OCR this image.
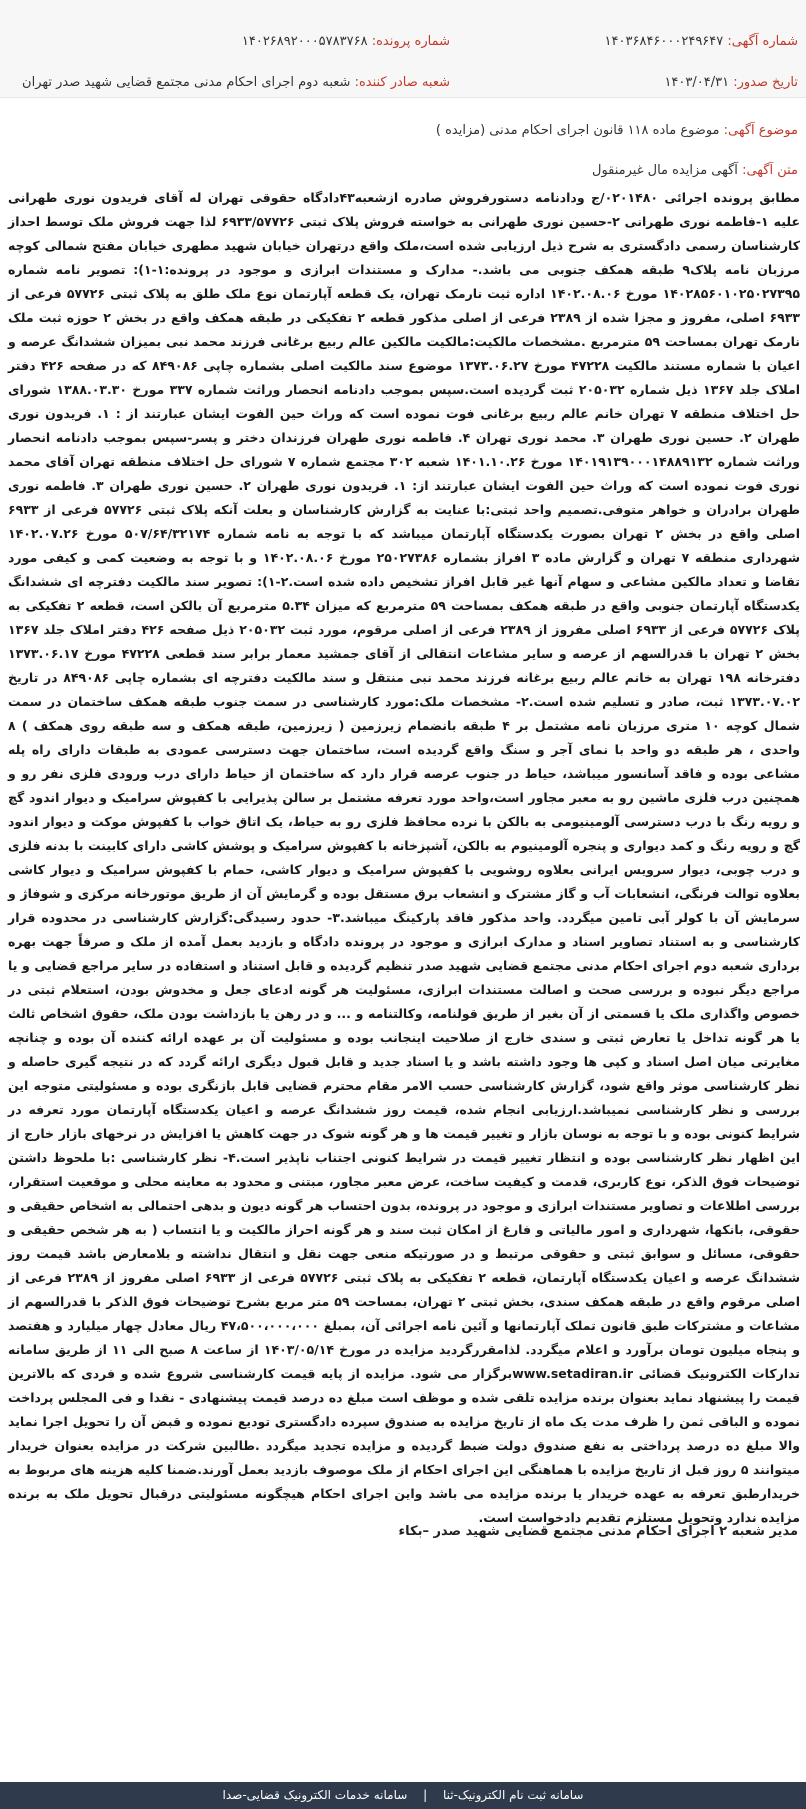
شماره آگهی: ۱۴۰۳۶۸۴۶۰۰۰۲۴۹۶۴۷
شماره پرونده: ۱۴۰۲۶۸۹۲۰۰۰۵۷۸۳۷۶۸
تاریخ صدور: ۱۴۰۳/۰۴/۳۱
شعبه صادر کننده: شعبه دوم اجرای احکام مدنی مجتمع قضایی شهید صدر تهران
موضوع آگهی: موضوع ماده ۱۱۸ قانون اجرای احکام مدنی (مزایده )
متن آگهی: آگهی مزایده مال غیرمنقول
مطابق پرونده اجرائی ۰۲۰۱۴۸۰/ج ودادنامه دستورفروش صادره ازشعبه۴۳دادگاه حقوقی تهران له آقای فریدون نوری طهرانی علیه ۱-فاطمه نوری طهرانی ۲-حسین نوری طهرانی به خواسته فروش پلاک ثبتی ۶۹۳۳/۵۷۷۲۶ لذا جهت فروش ملک توسط احداز کارشناسان رسمی دادگستری به شرح ذیل ارزیابی شده است،ملک واقع درتهران خیابان شهید مطهری خیابان مفتح شمالی کوچه مرزبان نامه پلاک۹ طبقه همکف جنوبی می باشد.- مدارک و مستندات ابرازی و موجود در پرونده:۱-۱): تصویر نامه شماره ۱۴۰۲۸۵۶۰۱۰۲۵۰۲۷۳۹۵ مورخ ۱۴۰۲.۰۸.۰۶ اداره ثبت نارمک تهران، یک قطعه آپارتمان نوع ملک طلق به پلاک ثبتی ۵۷۷۲۶ فرعی از ۶۹۳۳ اصلی، مفروز و مجزا شده از ۲۳۸۹ فرعی از اصلی مذکور قطعه ۲ تفکیکی در طبقه همکف واقع در بخش ۲ حوزه ثبت ملک نارمک تهران بمساحت ۵۹ مترمربع .مشخصات مالکیت:مالکیت مالکین عالم ربیع برغانی فرزند محمد نبی بمیزان ششدانگ عرصه و اعیان با شماره مستند مالکیت ۴۷۲۲۸ مورخ ۱۳۷۳.۰۶.۲۷ موضوع سند مالکیت اصلی بشماره چاپی ۸۴۹۰۸۶ که در صفحه ۴۲۶ دفتر املاک جلد ۱۳۶۷ ذیل شماره ۲۰۵۰۳۲ ثبت گردیده است.سپس بموجب دادنامه انحصار وراثت شماره ۳۳۷ مورخ ۱۳۸۸.۰۳.۳۰ شورای حل اختلاف منطقه ۷ تهران خانم عالم ربیع برغانی فوت نموده است که وراث حین الفوت ایشان عبارتند از : ۱. فریدون نوری طهران ۲. حسین نوری طهران ۳. محمد نوری تهران ۴. فاطمه نوری طهران فرزندان دختر و پسر-سپس بموجب دادنامه انحصار وراثت شماره ۱۴۰۱۹۱۳۹۰۰۰۱۴۸۸۹۱۳۲ مورخ ۱۴۰۱.۱۰.۲۶ شعبه ۳۰۲ مجتمع شماره ۷ شورای حل اختلاف منطقه تهران آقای محمد نوری فوت نموده است که وراث حین الفوت ایشان عبارتند از: ۱. فریدون نوری طهران ۲. حسین نوری طهران ۳. فاطمه نوری طهران برادران و خواهر متوفی.تصمیم واحد ثبتی:با عنایت به گزارش کارشناسان و بعلت آنکه پلاک ثبتی ۵۷۷۲۶ فرعی از ۶۹۳۳ اصلی واقع در بخش ۲ تهران بصورت یکدستگاه آپارتمان میباشد که با توجه به نامه شماره ۵۰۷/۶۴/۳۲۱۷۴ مورخ ۱۴۰۲.۰۷.۲۶ شهرداری منطقه ۷ تهران و گزارش ماده ۳ افراز بشماره ۲۵۰۲۷۳۸۶ مورخ ۱۴۰۲.۰۸.۰۶ و با توجه به وضعیت کمی و کیفی مورد تقاضا و تعداد مالکین مشاعی و سهام آنها غیر قابل افراز تشخیص داده شده است.۲-۱): تصویر سند مالکیت دفترچه ای ششدانگ یکدستگاه آپارتمان جنوبی واقع در طبقه همکف بمساحت ۵۹ مترمربع که میزان ۵.۳۴ مترمربع آن بالکن است، قطعه ۲ تفکیکی به پلاک ۵۷۷۲۶ فرعی از ۶۹۳۳ اصلی مفروز از ۲۳۸۹ فرعی از اصلی مرقوم، مورد ثبت ۲۰۵۰۳۲ ذیل صفحه ۴۲۶ دفتر املاک جلد ۱۳۶۷ بخش ۲ تهران با قدرالسهم از عرصه و سایر مشاعات انتقالی از آقای جمشید معمار برابر سند قطعی ۴۷۲۲۸ مورخ ۱۳۷۳.۰۶.۱۷ دفترخانه ۱۹۸ تهران به خانم عالم ربیع برغانه فرزند محمد نبی منتقل و سند مالکیت دفترچه ای بشماره چاپی ۸۴۹۰۸۶ در تاریخ ۱۳۷۳.۰۷.۰۲ ثبت، صادر و تسلیم شده است.۲- مشخصات ملک:مورد کارشناسی در سمت جنوب طبقه همکف ساختمان در سمت شمال کوچه ۱۰ متری مرزبان نامه مشتمل بر ۴ طبقه بانضمام زیرزمین ( زیرزمین، طبقه همکف و سه طبقه روی همکف ) ۸ واحدی ، هر طبقه دو واحد با نمای آجر و سنگ واقع گردیده است، ساختمان جهت دسترسی عمودی به طبقات دارای راه پله مشاعی بوده و فاقد آسانسور میباشد، حیاط در جنوب عرصه قرار دارد که ساختمان از حیاط دارای درب ورودی فلزی نفر رو و همچنین درب فلزی ماشین رو به معبر مجاور است،واحد مورد تعرفه مشتمل بر سالن پذیرایی با کفپوش سرامیک و دیوار اندود گچ و رویه رنگ با درب دسترسی آلومینیومی به بالکن با نرده محافظ فلزی رو به حیاط، یک اتاق خواب با کفپوش موکت و دیوار اندود گچ و رویه رنگ و کمد دیواری و پنجره آلومینیوم به بالکن، آشپزخانه با کفپوش سرامیک و پوشش کاشی دارای کابینت با بدنه فلزی و درب چوبی، دیوار سرویس ایرانی بعلاوه روشویی با کفپوش سرامیک و دیوار کاشی، حمام با کفپوش سرامیک و دیوار کاشی بعلاوه توالت فرنگی، انشعابات آب و گاز مشترک و انشعاب برق مستقل بوده و گرمایش آن از طریق موتورخانه مرکزی و شوفاژ و سرمایش آن با کولر آبی تامین میگردد. واحد مذکور فاقد پارکینگ میباشد.۳- حدود رسیدگی:گزارش کارشناسی در محدوده قرار کارشناسی و به استناد تصاویر اسناد و مدارک ابرازی و موجود در پرونده دادگاه و بازدید بعمل آمده از ملک و صرفاً جهت بهره برداری شعبه دوم اجرای احکام مدنی مجتمع قضایی شهید صدر تنظیم گردیده و قابل استناد و استفاده در سایر مراجع قضایی و یا مراجع دیگر نبوده و بررسی صحت و اصالت مستندات ابرازی، مسئولیت هر گونه ادعای جعل و مخدوش بودن، استعلام ثبتی در خصوص واگذاری ملک یا قسمتی از آن بغیر از طریق قولنامه، وکالتنامه و ... و در رهن یا بازداشت بودن ملک، حقوق اشخاص ثالث یا هر گونه تداخل یا تعارض ثبتی و سندی خارج از صلاحیت اینجانب بوده و مسئولیت آن بر عهده ارائه کننده آن بوده و چنانچه مغایرتی میان اصل اسناد و کپی ها وجود داشته باشد و یا اسناد جدید و قابل قبول دیگری ارائه گردد که در نتیجه گیری حاصله و نظر کارشناسی موثر واقع شود، گزارش کارشناسی حسب الامر مقام محترم قضایی قابل بازنگری بوده و مسئولیتی متوجه این بررسی و نظر کارشناسی نمیباشد.ارزیابی انجام شده، قیمت روز ششدانگ عرصه و اعیان یکدستگاه آپارتمان مورد تعرفه در شرایط کنونی بوده و با توجه به نوسان بازار و تغییر قیمت ها و هر گونه شوک در جهت کاهش یا افزایش در نرخهای بازار خارج از این اظهار نظر کارشناسی بوده و انتظار تغییر قیمت در شرایط کنونی اجتناب ناپذیر است.۴- نظر کارشناسی :با ملحوظ داشتن توضیحات فوق الذکر، نوع کاربری، قدمت و کیفیت ساخت، عرض معبر مجاور، مبتنی و محدود به معاینه محلی و موقعیت استقرار، بررسی اطلاعات و تصاویر مستندات ابرازی و موجود در پرونده، بدون احتساب هر گونه دیون و بدهی احتمالی به اشخاص حقیقی و حقوقی، بانکها، شهرداری و امور مالیاتی و فارغ از امکان ثبت سند و هر گونه احراز مالکیت و یا انتساب ( به هر شخص حقیقی و حقوقی، مسائل و سوابق ثبتی و حقوقی مرتبط و در صورتیکه منعی جهت نقل و انتقال نداشته و بلامعارض باشد قیمت روز ششدانگ عرصه و اعیان یکدستگاه آپارتمان، قطعه ۲ تفکیکی به پلاک ثبتی ۵۷۷۲۶ فرعی از ۶۹۳۳ اصلی مفروز از ۲۳۸۹ فرعی از اصلی مرقوم واقع در طبقه همکف سندی، بخش ثبتی ۲ تهران، بمساحت ۵۹ متر مربع بشرح توضیحات فوق الذکر با قدرالسهم از مشاعات و مشترکات طبق قانون تملک آپارتمانها و آئین نامه اجرائی آن، بمبلغ ۴۷،۵۰۰،۰۰۰،۰۰۰ ریال معادل چهار میلیارد و هفتصد و پنجاه میلیون تومان برآورد و اعلام میگردد. لذامقررگردید مزایده در مورخ ۱۴۰۳/۰۵/۱۴ از ساعت ۸ صبح الی ۱۱ از طریق سامانه تدارکات الکترونیک قضائی www.setadiran.irبرگزار می شود. مزایده از پایه قیمت کارشناسی شروع شده و فردی که بالاترین قیمت را پیشنهاد نماید بعنوان برنده مزایده تلقی شده و موظف است مبلغ ده درصد قیمت پیشنهادی - نقدا و فی المجلس پرداخت نموده و الباقی ثمن را ظرف مدت یک ماه از تاریخ مزایده به صندوق سپرده دادگستری تودیع نموده و قبض آن را تحویل اجرا نماید والا مبلغ ده درصد پرداختی به نفع صندوق دولت ضبط گردیده و مزایده تجدید میگردد .طالبین شرکت در مزایده بعنوان خریدار میتوانند ۵ روز قبل از تاریخ مزایده با هماهنگی این اجرای احکام از ملک موصوف بازدید بعمل آورند.ضمنا کلیه هزینه های مربوط به خریدارطبق تعرفه به عهده خریدار یا برنده مزایده می باشد واین اجرای احکام هیچگونه مسئولیتی درقبال تحویل ملک به برنده مزایده ندارد وتحویل مستلزم تقدیم دادخواست است.
مدیر شعبه ۲ اجرای احکام مدنی مجتمع قضایی شهید صدر –بکاء
سامانه ثبت نام الکترونیک-ثنا | سامانه خدمات الکترونیک قضایی-صدا
